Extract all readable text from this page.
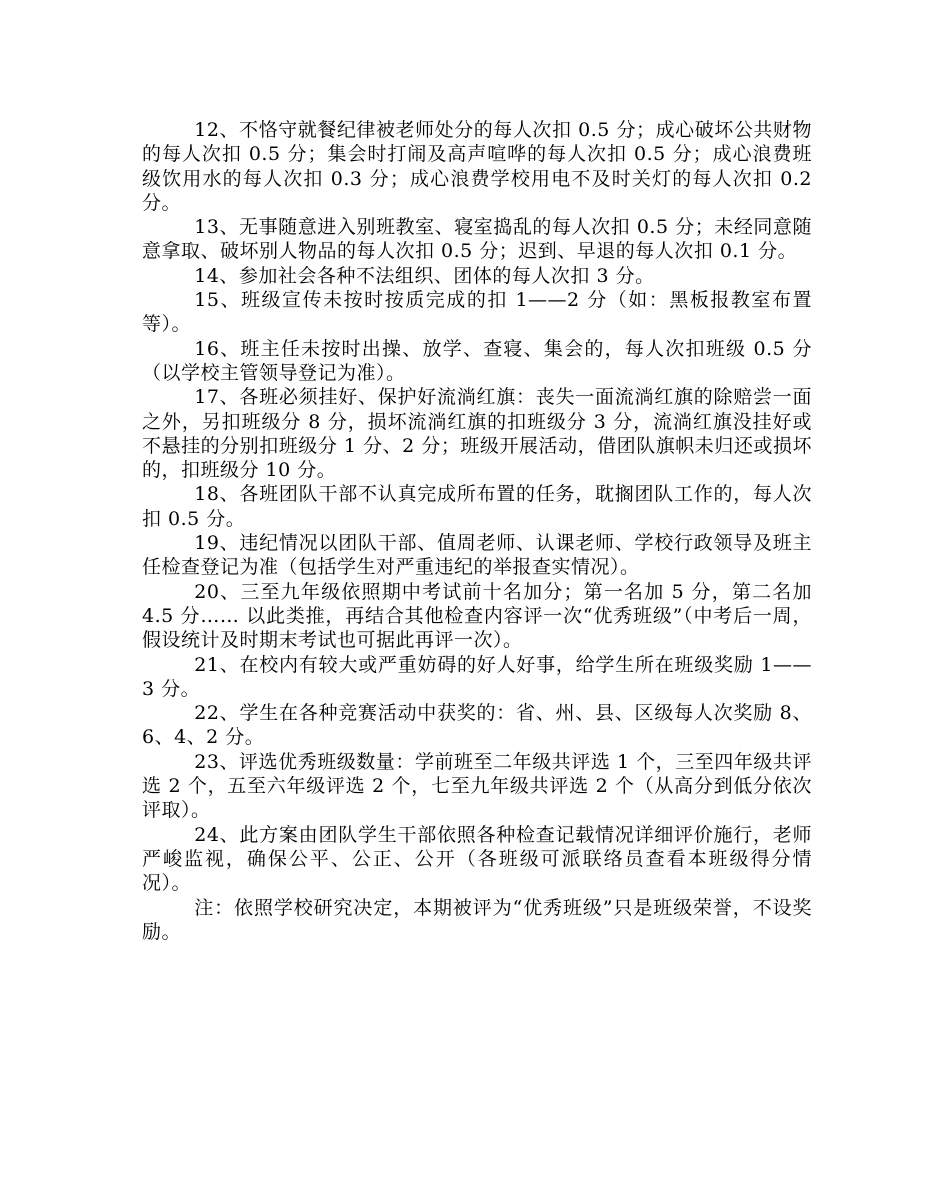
12、不恪守就餐纪律被老师处分的每人次扣 0.5 分；成心破坏公共财物的每人次扣 0.5 分；集会时打闹及高声喧哗的每人次扣 0.5 分；成心浪费班级饮用水的每人次扣 0.3 分；成心浪费学校用电不及时关灯的每人次扣 0.2 分。

13、无事随意进入别班教室、寝室捣乱的每人次扣 0.5 分；未经同意随意拿取、破坏别人物品的每人次扣 0.5 分；迟到、早退的每人次扣 0.1 分。

14、参加社会各种不法组织、团体的每人次扣 3 分。

15、班级宣传未按时按质完成的扣 1——2 分（如：黑板报教室布置等）。

16、班主任未按时出操、放学、查寝、集会的，每人次扣班级 0.5 分（以学校主管领导登记为准）。

17、各班必须挂好、保护好流淌红旗：丧失一面流淌红旗的除赔尝一面之外，另扣班级分 8 分，损坏流淌红旗的扣班级分 3 分，流淌红旗没挂好或不悬挂的分别扣班级分 1 分、2 分；班级开展活动，借团队旗帜未归还或损坏的，扣班级分 10 分。

18、各班团队干部不认真完成所布置的任务，耽搁团队工作的，每人次扣 0.5 分。

19、违纪情况以团队干部、值周老师、认课老师、学校行政领导及班主任检查登记为准（包括学生对严重违纪的举报查实情况）。

20、三至九年级依照期中考试前十名加分；第一名加 5 分，第二名加 4.5 分…… 以此类推，再结合其他检查内容评一次“优秀班级”（中考后一周，假设统计及时期末考试也可据此再评一次）。

21、在校内有较大或严重妨碍的好人好事，给学生所在班级奖励 1——3 分。

22、学生在各种竞赛活动中获奖的：省、州、县、区级每人次奖励 8、6、4、2 分。

23、评选优秀班级数量：学前班至二年级共评选 1 个，三至四年级共评选 2 个，五至六年级评选 2 个，七至九年级共评选 2 个（从高分到低分依次评取）。

24、此方案由团队学生干部依照各种检查记载情况详细评价施行，老师严峻监视，确保公平、公正、公开（各班级可派联络员查看本班级得分情况）。

注：依照学校研究决定，本期被评为“优秀班级”只是班级荣誉，不设奖励。
